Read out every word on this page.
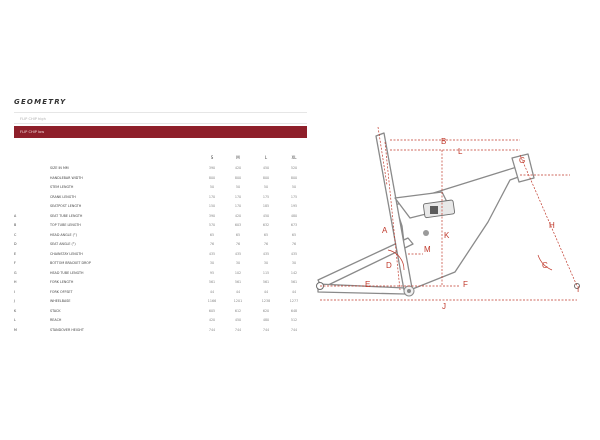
GEOMETRY
FLIP CHIP high
FLIP CHIP low
S	M	L	XL
SIZE IN MM	390	420	450	520
HANDLEBAR WIDTH	800	800	800	800
STEM LENGTH	50	50	50	50
CRANK LENGTH	170	170	175	175
SEATPOST LENGTH	150	170	185	195
A	SEAT TUBE LENGTH	390	420	450	480
B	TOP TUBE LENGTH	570	603	632	673
C	HEAD ANGLE (°)	65	65	65	65
D	SEAT ANGLE (°)	76	76	76	76
E	CHAINSTAY LENGTH	435	435	435	435
F	BOTTOM BRACKET DROP	30	30	30	30
G	HEAD TUBE LENGTH	95	102	115	142
H	FORK LENGTH	561	561	561	561
I	FORK OFFSET	44	44	44	44
J	WHEELBASE	1166	1201	1238	1277
K	STACK	605	612	620	648
L	REACH	420	450	480	512
M	STANDOVER HEIGHT	744	744	744	744
A
B
C
D
E	F
G
H
I
J
K
L
M
